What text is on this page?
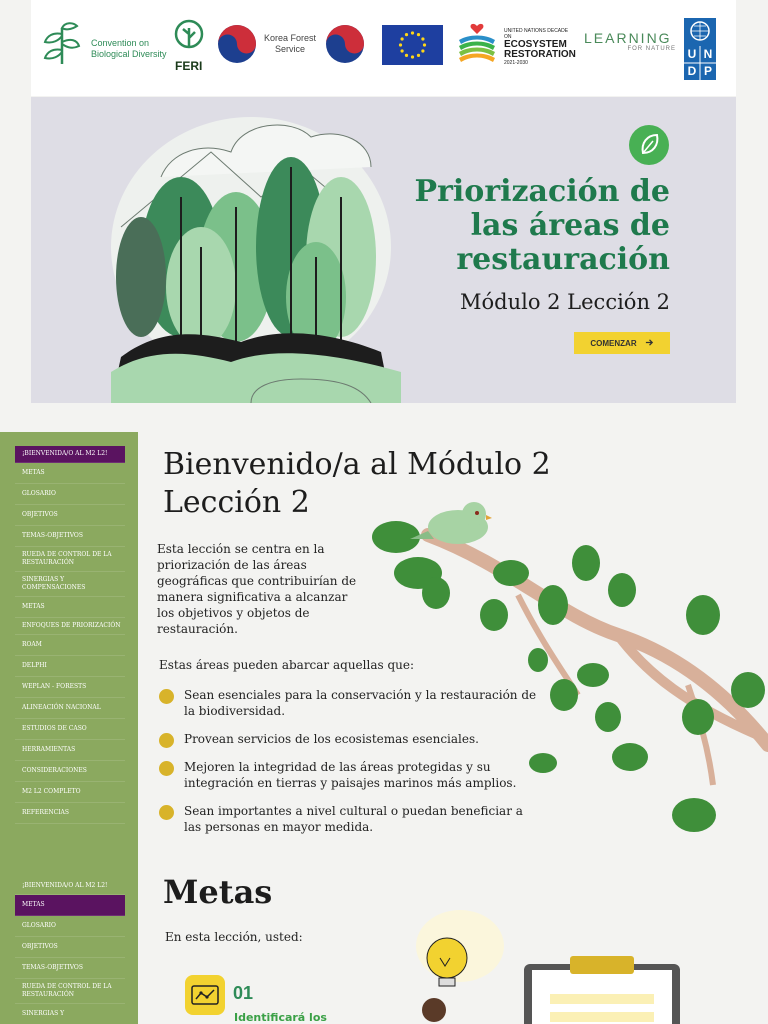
Convention on
Biological Diversity
FERI
Korea Forest
Service
UNITED NATIONS DECADE ON
ECOSYSTEM
RESTORATION
2021-2030
LEARNING
FOR NATURE U N
D P
Priorización de las áreas de restauración
Módulo 2 Lección 2
COMENZAR
¡BIENVENIDA/O AL M2 L2!
METAS
GLOSARIO
OBJETIVOS
TEMAS-OBJETIVOS
RUEDA DE CONTROL DE LA RESTAURACIÓN
SINERGIAS Y COMPENSACIONES
METAS
ENFOQUES DE PRIORIZACIÓN
ROAM
DELPHI
WEPLAN - FORESTS
ALINEACIÓN NACIONAL
ESTUDIOS DE CASO
HERRAMIENTAS
CONSIDERACIONES
M2 L2 COMPLETO
REFERENCIAS
¡BIENVENIDA/O AL M2 L2!
METAS
GLOSARIO
OBJETIVOS
TEMAS-OBJETIVOS
RUEDA DE CONTROL DE LA RESTAURACIÓN
SINERGIAS Y
Bienvenido/a al Módulo 2 Lección 2

Esta lección se centra en la priorización de las áreas geográficas que contribuirían de manera significativa a alcanzar los objetivos y objetos de restauración.

Estas áreas pueden abarcar aquellas que:

Sean esenciales para la conservación y la restauración de la biodiversidad.
Provean servicios de los ecosistemas esenciales.
Mejoren la integridad de las áreas protegidas y su integración en tierras y paisajes marinos más amplios.
Sean importantes a nivel cultural o puedan beneficiar a las personas en mayor medida.
Metas

En esta lección, usted:

01
Identificará los
